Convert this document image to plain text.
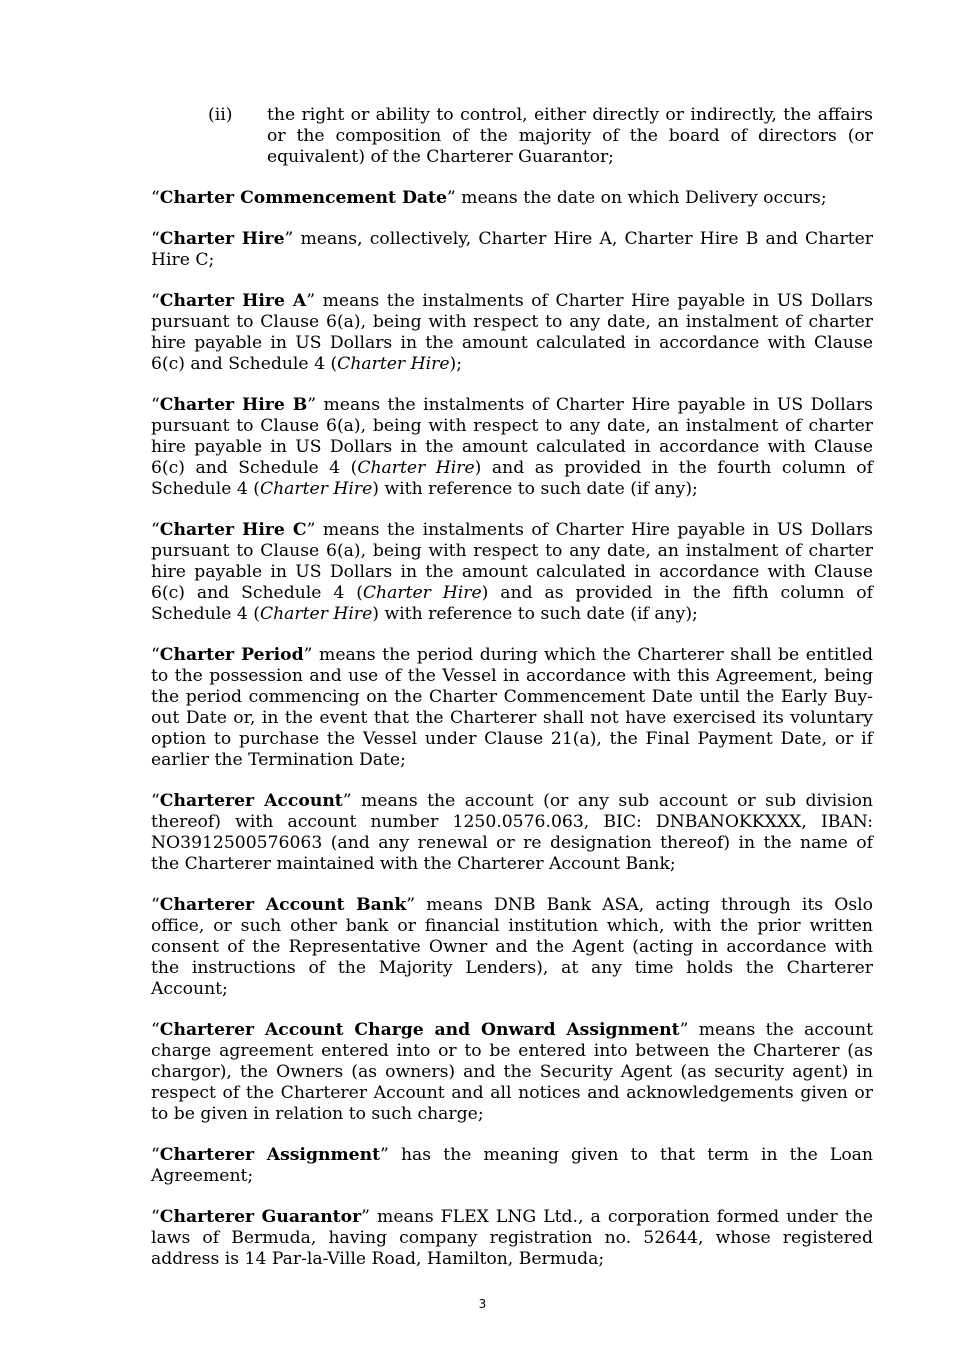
(ii) the right or ability to control, either directly or indirectly, the affairs or the composition of the majority of the board of directors (or equivalent) of the Charterer Guarantor;

“Charter Commencement Date” means the date on which Delivery occurs;

“Charter Hire” means, collectively, Charter Hire A, Charter Hire B and Charter Hire C;

“Charter Hire A” means the instalments of Charter Hire payable in US Dollars pursuant to Clause 6(a), being with respect to any date, an instalment of charter hire payable in US Dollars in the amount calculated in accordance with Clause 6(c) and Schedule 4 (Charter Hire);

“Charter Hire B” means the instalments of Charter Hire payable in US Dollars pursuant to Clause 6(a), being with respect to any date, an instalment of charter hire payable in US Dollars in the amount calculated in accordance with Clause 6(c) and Schedule 4 (Charter Hire) and as provided in the fourth column of Schedule 4 (Charter Hire) with reference to such date (if any);

“Charter Hire C” means the instalments of Charter Hire payable in US Dollars pursuant to Clause 6(a), being with respect to any date, an instalment of charter hire payable in US Dollars in the amount calculated in accordance with Clause 6(c) and Schedule 4 (Charter Hire) and as provided in the fifth column of Schedule 4 (Charter Hire) with reference to such date (if any);

“Charter Period” means the period during which the Charterer shall be entitled to the possession and use of the Vessel in accordance with this Agreement, being the period commencing on the Charter Commencement Date until the Early Buy-out Date or, in the event that the Charterer shall not have exercised its voluntary option to purchase the Vessel under Clause 21(a), the Final Payment Date, or if earlier the Termination Date;

“Charterer Account” means the account (or any sub account or sub division thereof) with account number 1250.0576.063, BIC: DNBANOKKXXX, IBAN: NO3912500576063 (and any renewal or re designation thereof) in the name of the Charterer maintained with the Charterer Account Bank;

“Charterer Account Bank” means DNB Bank ASA, acting through its Oslo office, or such other bank or financial institution which, with the prior written consent of the Representative Owner and the Agent (acting in accordance with the instructions of the Majority Lenders), at any time holds the Charterer Account;

“Charterer Account Charge and Onward Assignment” means the account charge agreement entered into or to be entered into between the Charterer (as chargor), the Owners (as owners) and the Security Agent (as security agent) in respect of the Charterer Account and all notices and acknowledgements given or to be given in relation to such charge;

“Charterer Assignment” has the meaning given to that term in the Loan Agreement;

“Charterer Guarantor” means FLEX LNG Ltd., a corporation formed under the laws of Bermuda, having company registration no. 52644, whose registered address is 14 Par-la-Ville Road, Hamilton, Bermuda;

3
